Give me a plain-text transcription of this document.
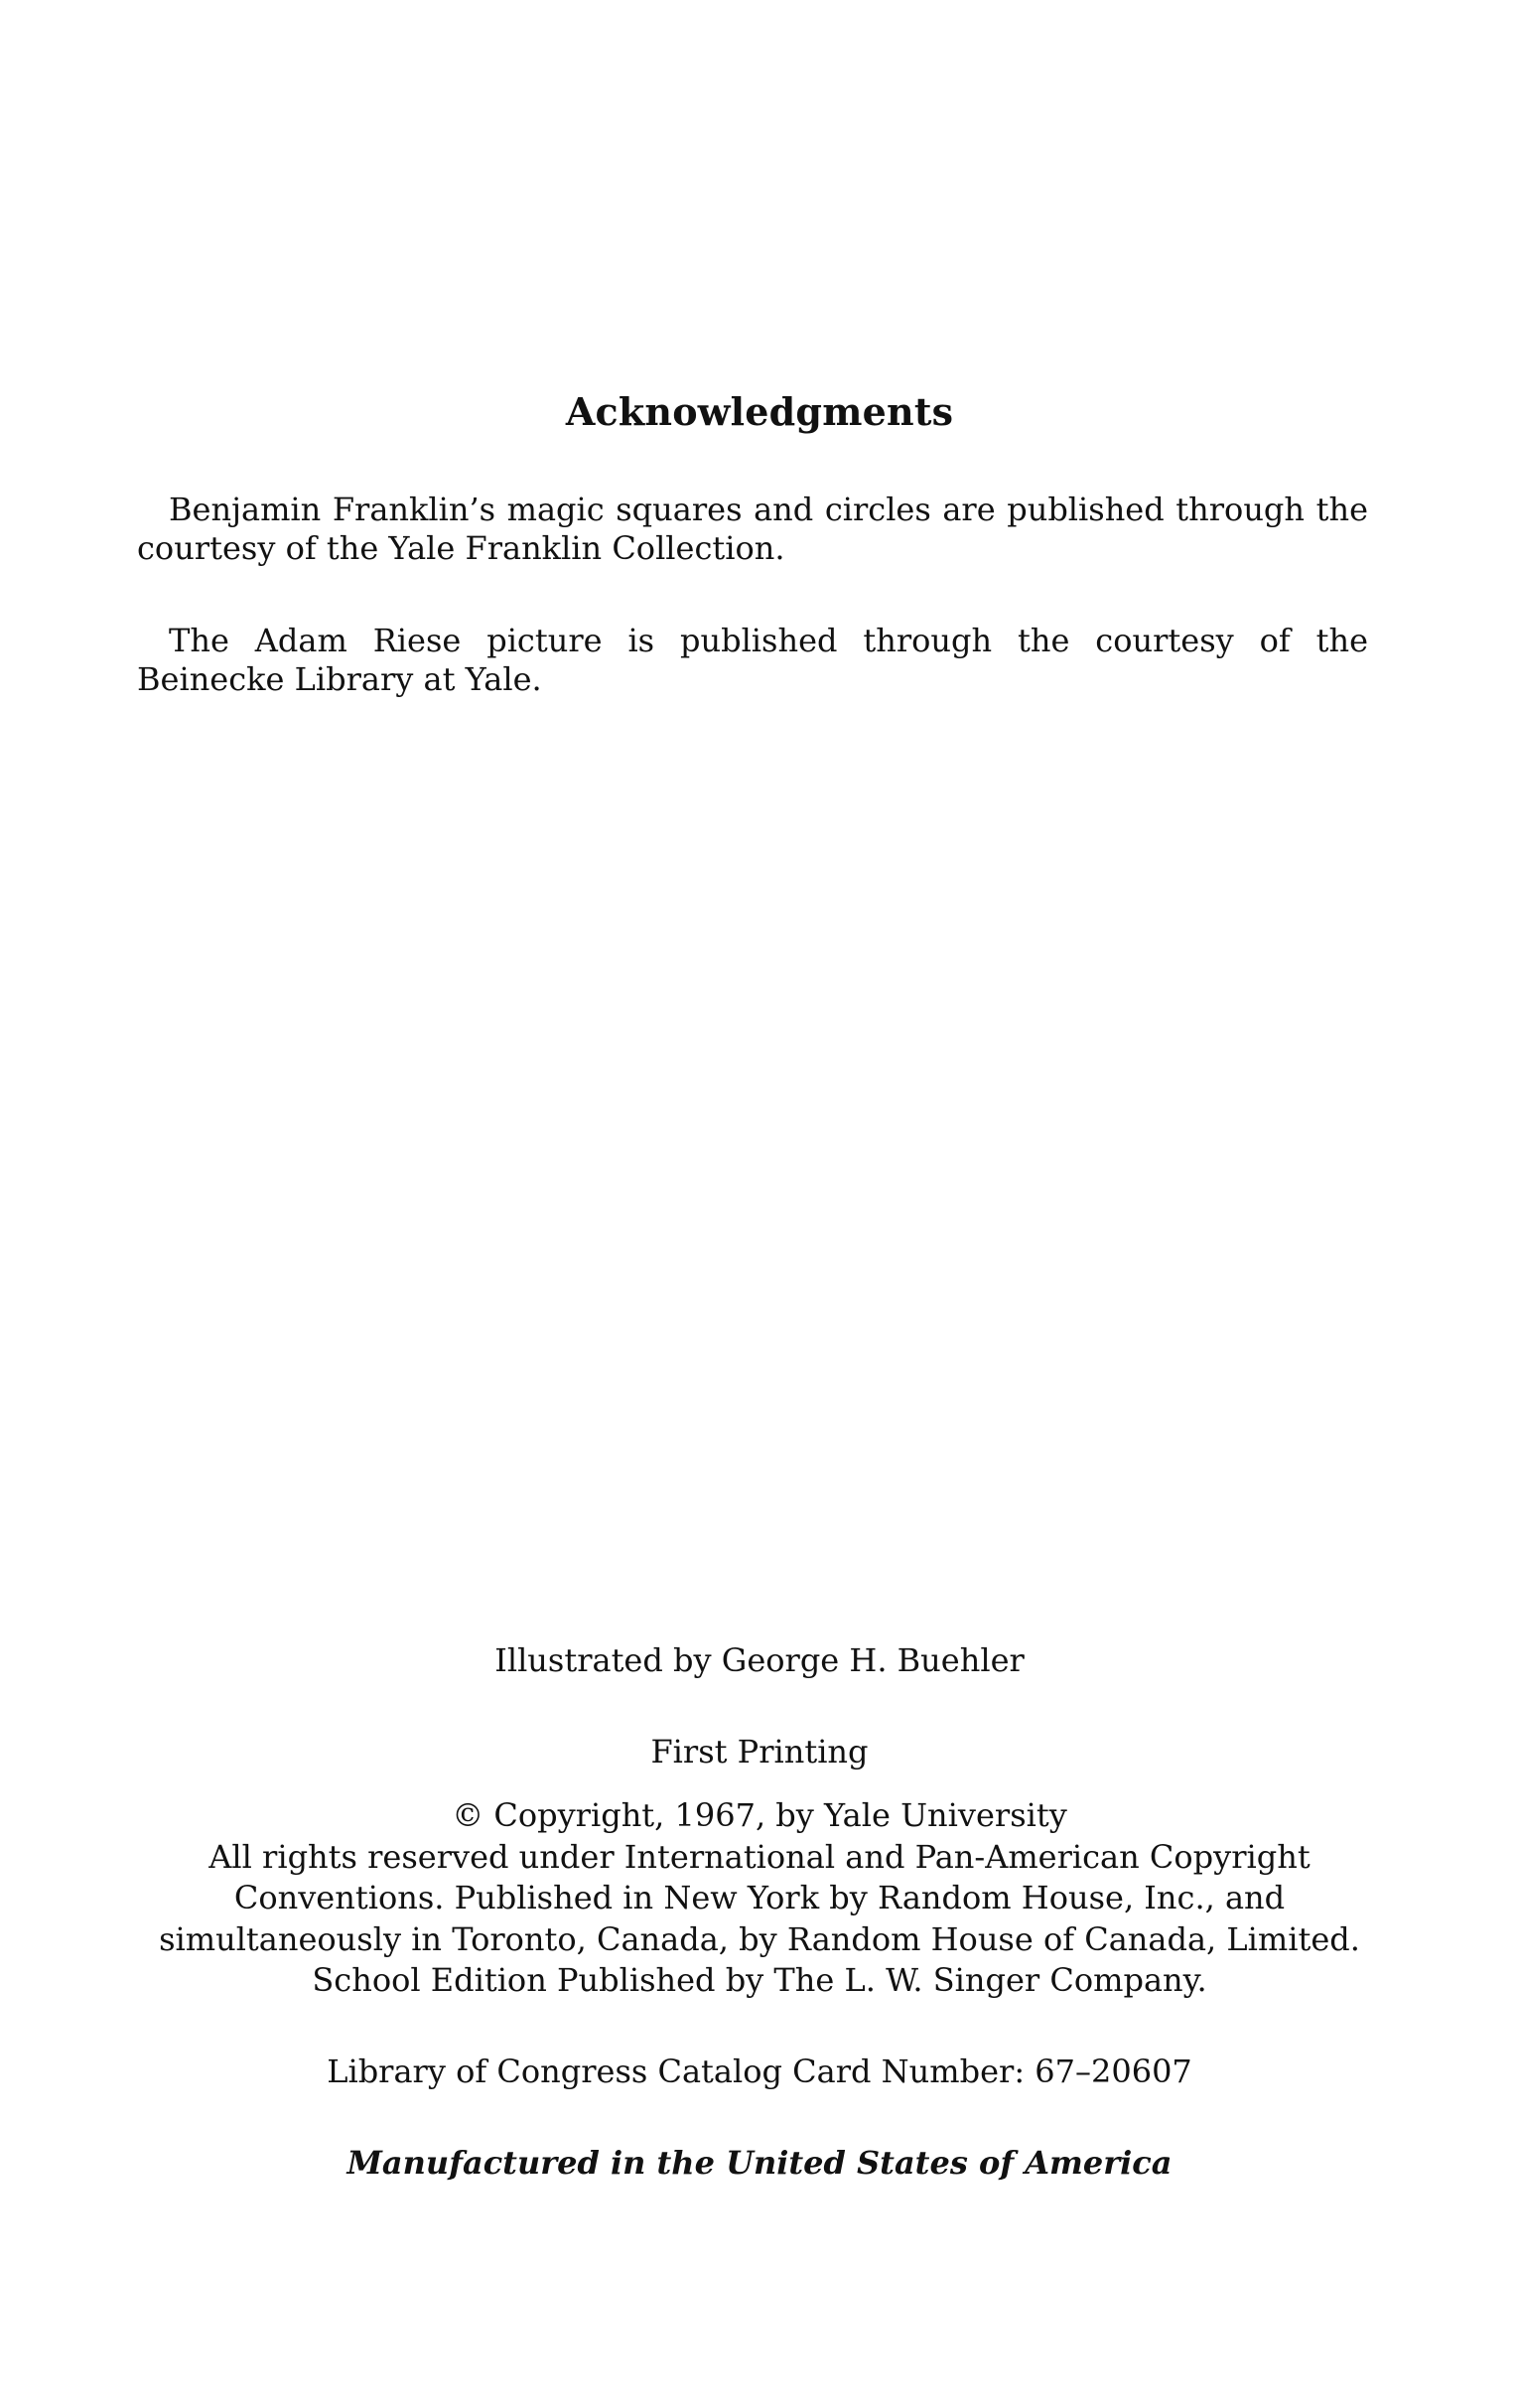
Acknowledgments

Benjamin Franklin’s magic squares and circles are published through the courtesy of the Yale Franklin Collection.

The Adam Riese picture is published through the courtesy of the Beinecke Library at Yale.

Illustrated by George H. Buehler

First Printing

© Copyright, 1967, by Yale University
All rights reserved under International and Pan-American Copyright
Conventions. Published in New York by Random House, Inc., and
simultaneously in Toronto, Canada, by Random House of Canada, Limited.
School Edition Published by The L. W. Singer Company.

Library of Congress Catalog Card Number: 67–20607

Manufactured in the United States of America
